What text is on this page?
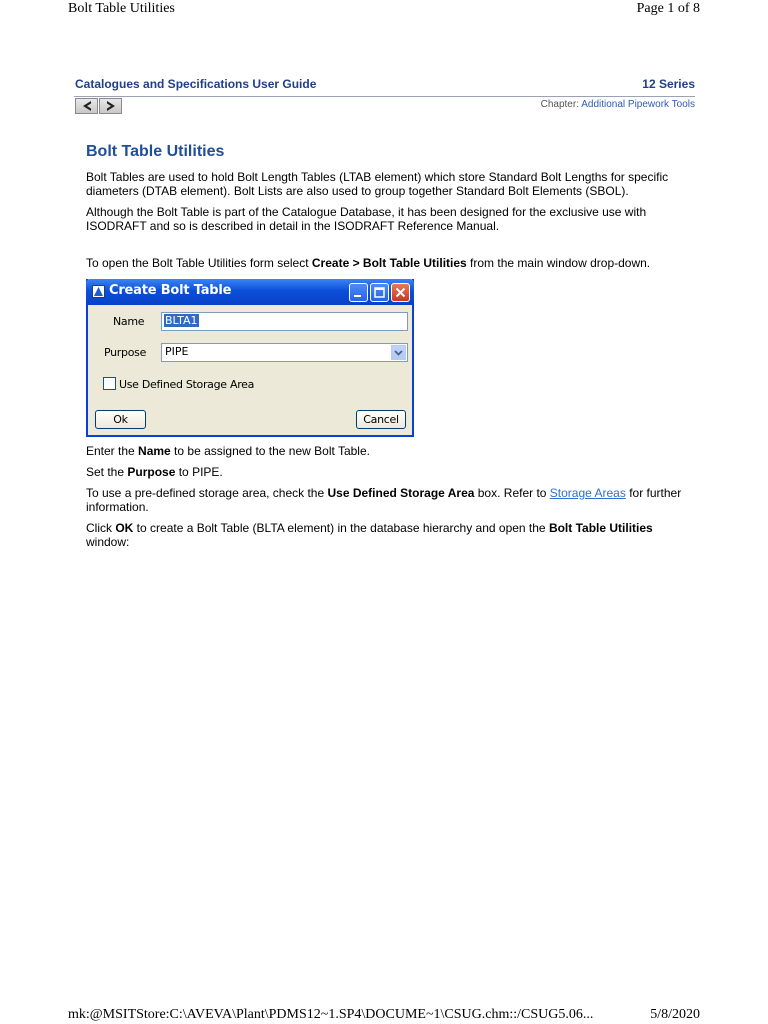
Bolt Table Utilities	Page 1 of 8
Catalogues and Specifications User Guide	12 Series
Chapter: Additional Pipework Tools
Bolt Table Utilities

Bolt Tables are used to hold Bolt Length Tables (LTAB element) which store Standard Bolt Lengths for specific diameters (DTAB element). Bolt Lists are also used to group together Standard Bolt Elements (SBOL).

Although the Bolt Table is part of the Catalogue Database, it has been designed for the exclusive use with ISODRAFT and so is described in detail in the ISODRAFT Reference Manual.

To open the Bolt Table Utilities form select Create > Bolt Table Utilities from the main window drop-down.

Create Bolt Table
Name	BLTA1
Purpose	PIPE
Use Defined Storage Area
Ok	Cancel

Enter the Name to be assigned to the new Bolt Table.

Set the Purpose to PIPE.

To use a pre-defined storage area, check the Use Defined Storage Area box. Refer to Storage Areas for further information.

Click OK to create a Bolt Table (BLTA element) in the database hierarchy and open the Bolt Table Utilities window:

mk:@MSITStore:C:\AVEVA\Plant\PDMS12~1.SP4\DOCUME~1\CSUG.chm::/CSUG5.06...	5/8/2020
